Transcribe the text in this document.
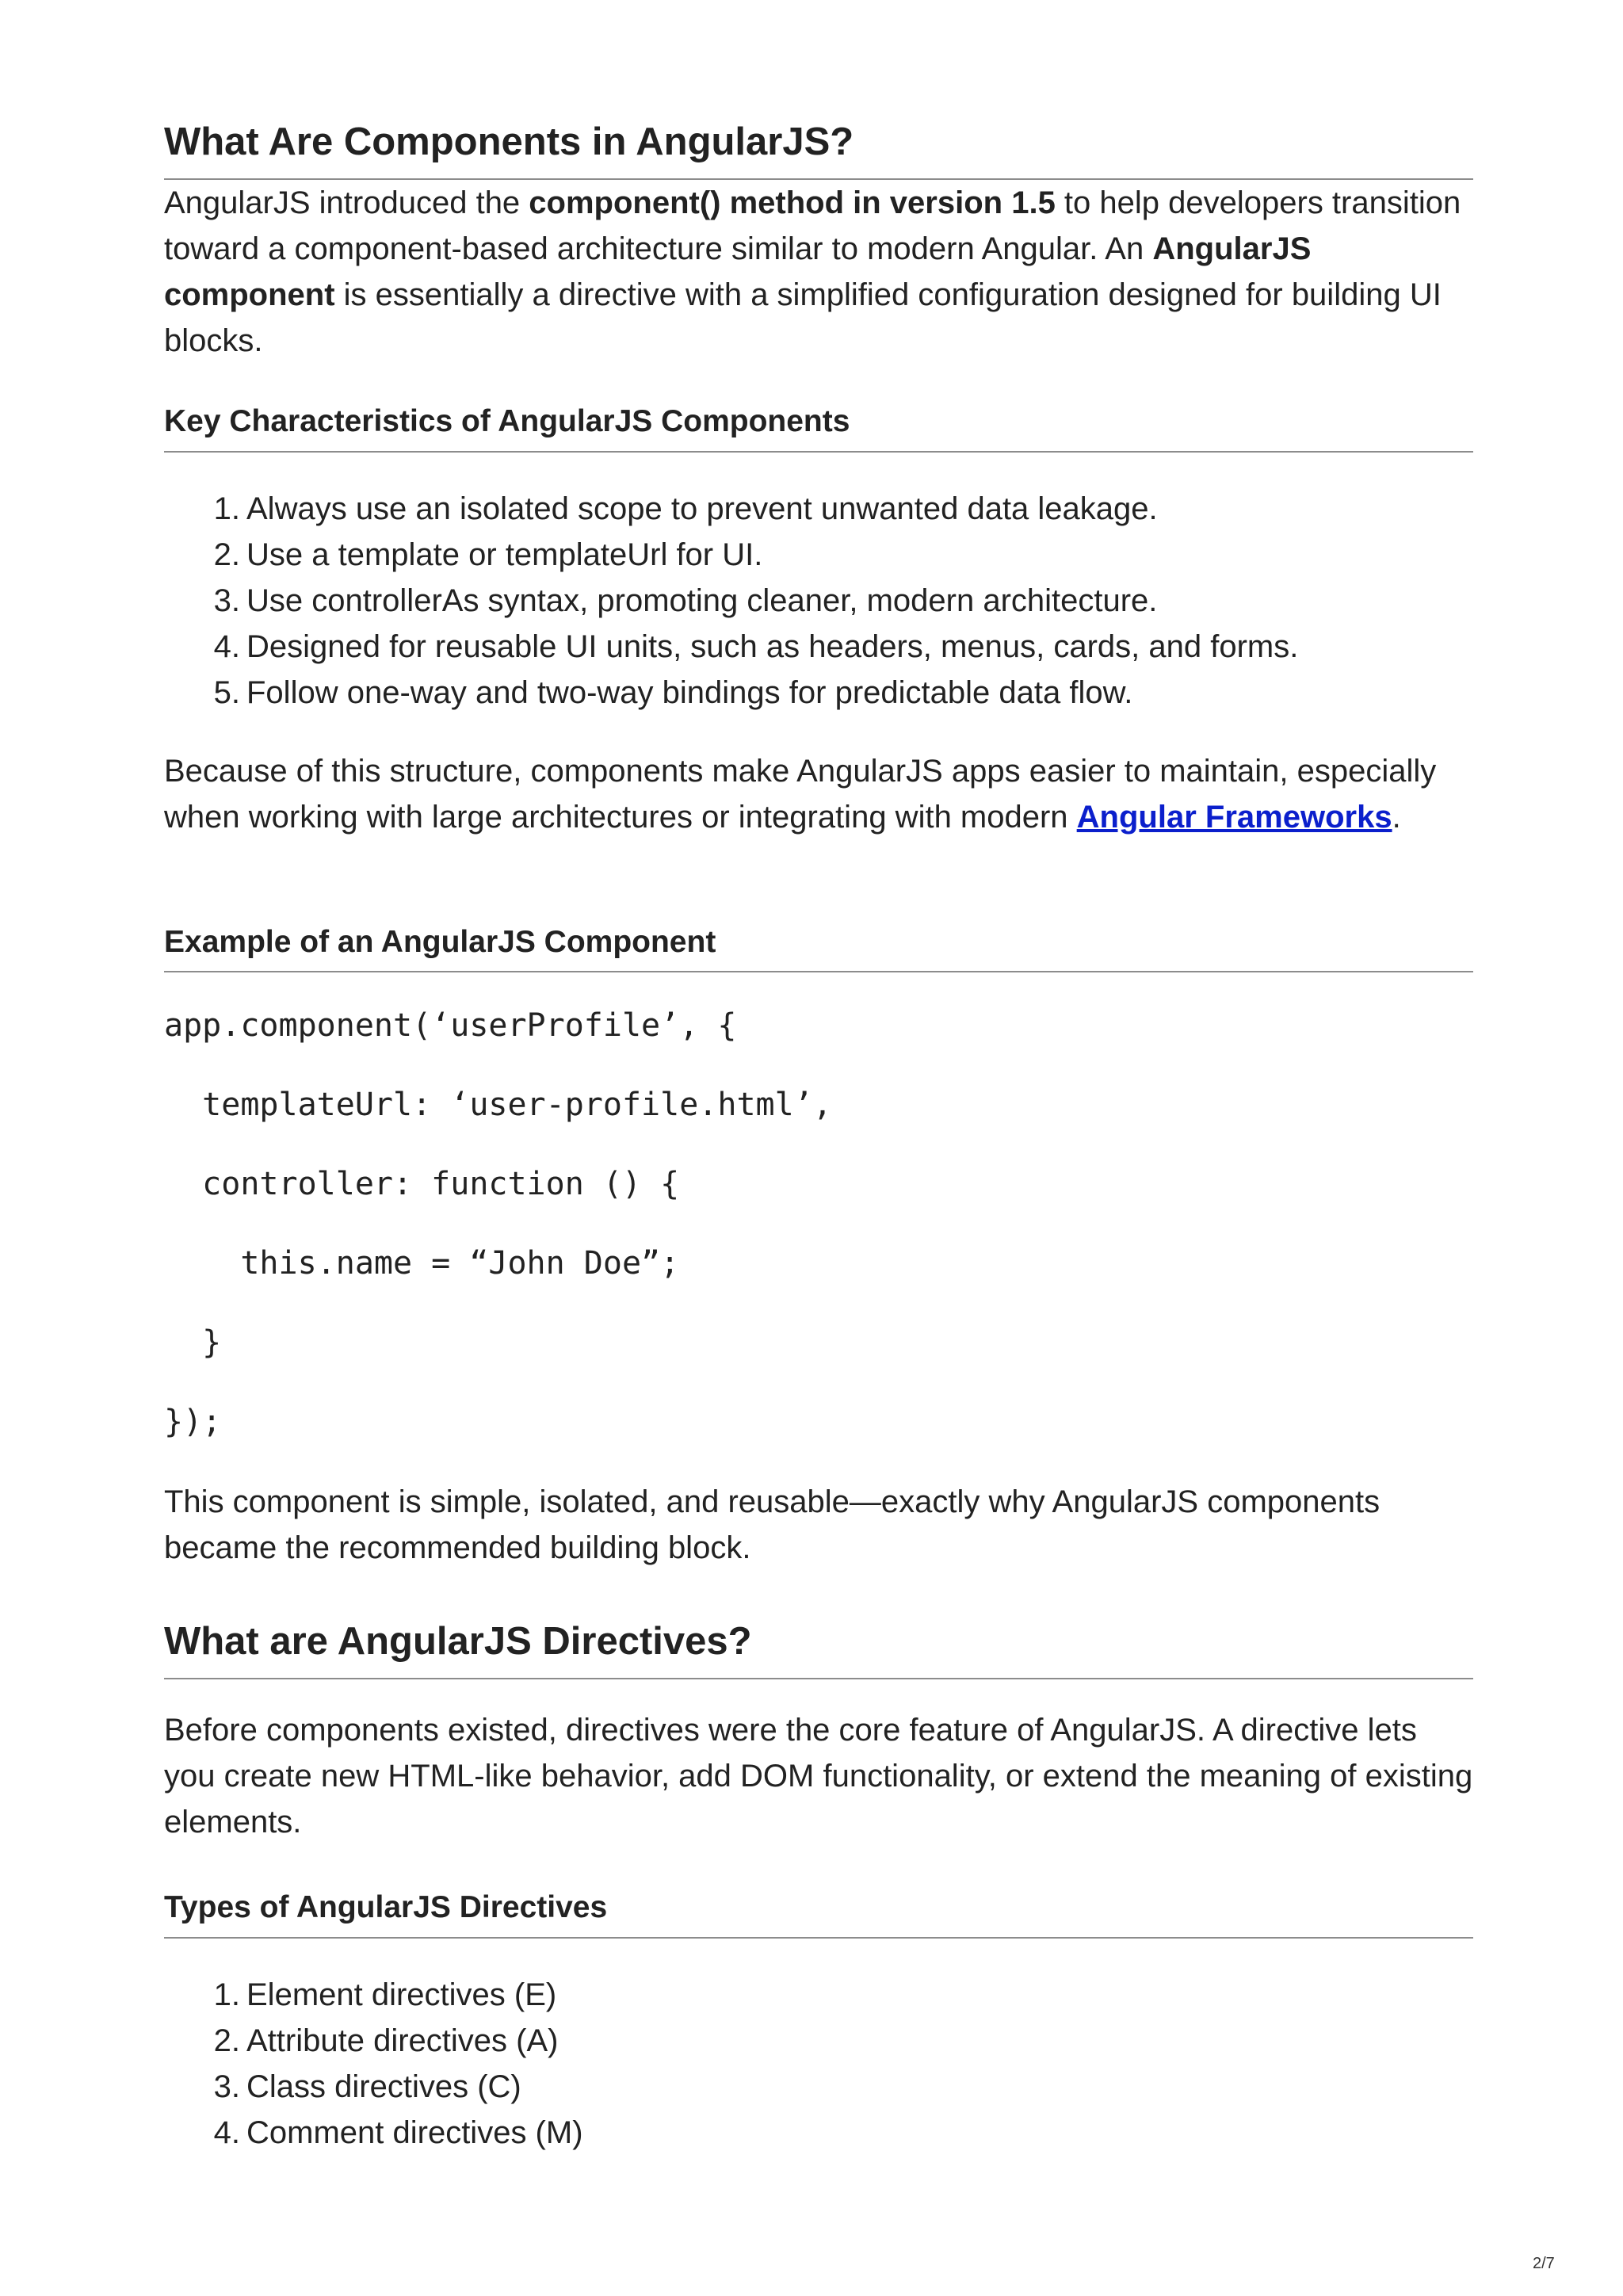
What Are Components in AngularJS?

AngularJS introduced the component() method in version 1.5 to help developers transition toward a component-based architecture similar to modern Angular. An AngularJS component is essentially a directive with a simplified configuration designed for building UI blocks.

Key Characteristics of AngularJS Components
1. Always use an isolated scope to prevent unwanted data leakage.
2. Use a template or templateUrl for UI.
3. Use controllerAs syntax, promoting cleaner, modern architecture.
4. Designed for reusable UI units, such as headers, menus, cards, and forms.
5. Follow one-way and two-way bindings for predictable data flow.

Because of this structure, components make AngularJS apps easier to maintain, especially when working with large architectures or integrating with modern Angular Frameworks.

Example of an AngularJS Component
app.component(‘userProfile’, {
templateUrl: ‘user-profile.html’,
controller: function () {
this.name = “John Doe”;
}
});

This component is simple, isolated, and reusable—exactly why AngularJS components became the recommended building block.

What are AngularJS Directives?

Before components existed, directives were the core feature of AngularJS. A directive lets you create new HTML-like behavior, add DOM functionality, or extend the meaning of existing elements.

Types of AngularJS Directives
1. Element directives (E)
2. Attribute directives (A)
3. Class directives (C)
4. Comment directives (M)
2/7
